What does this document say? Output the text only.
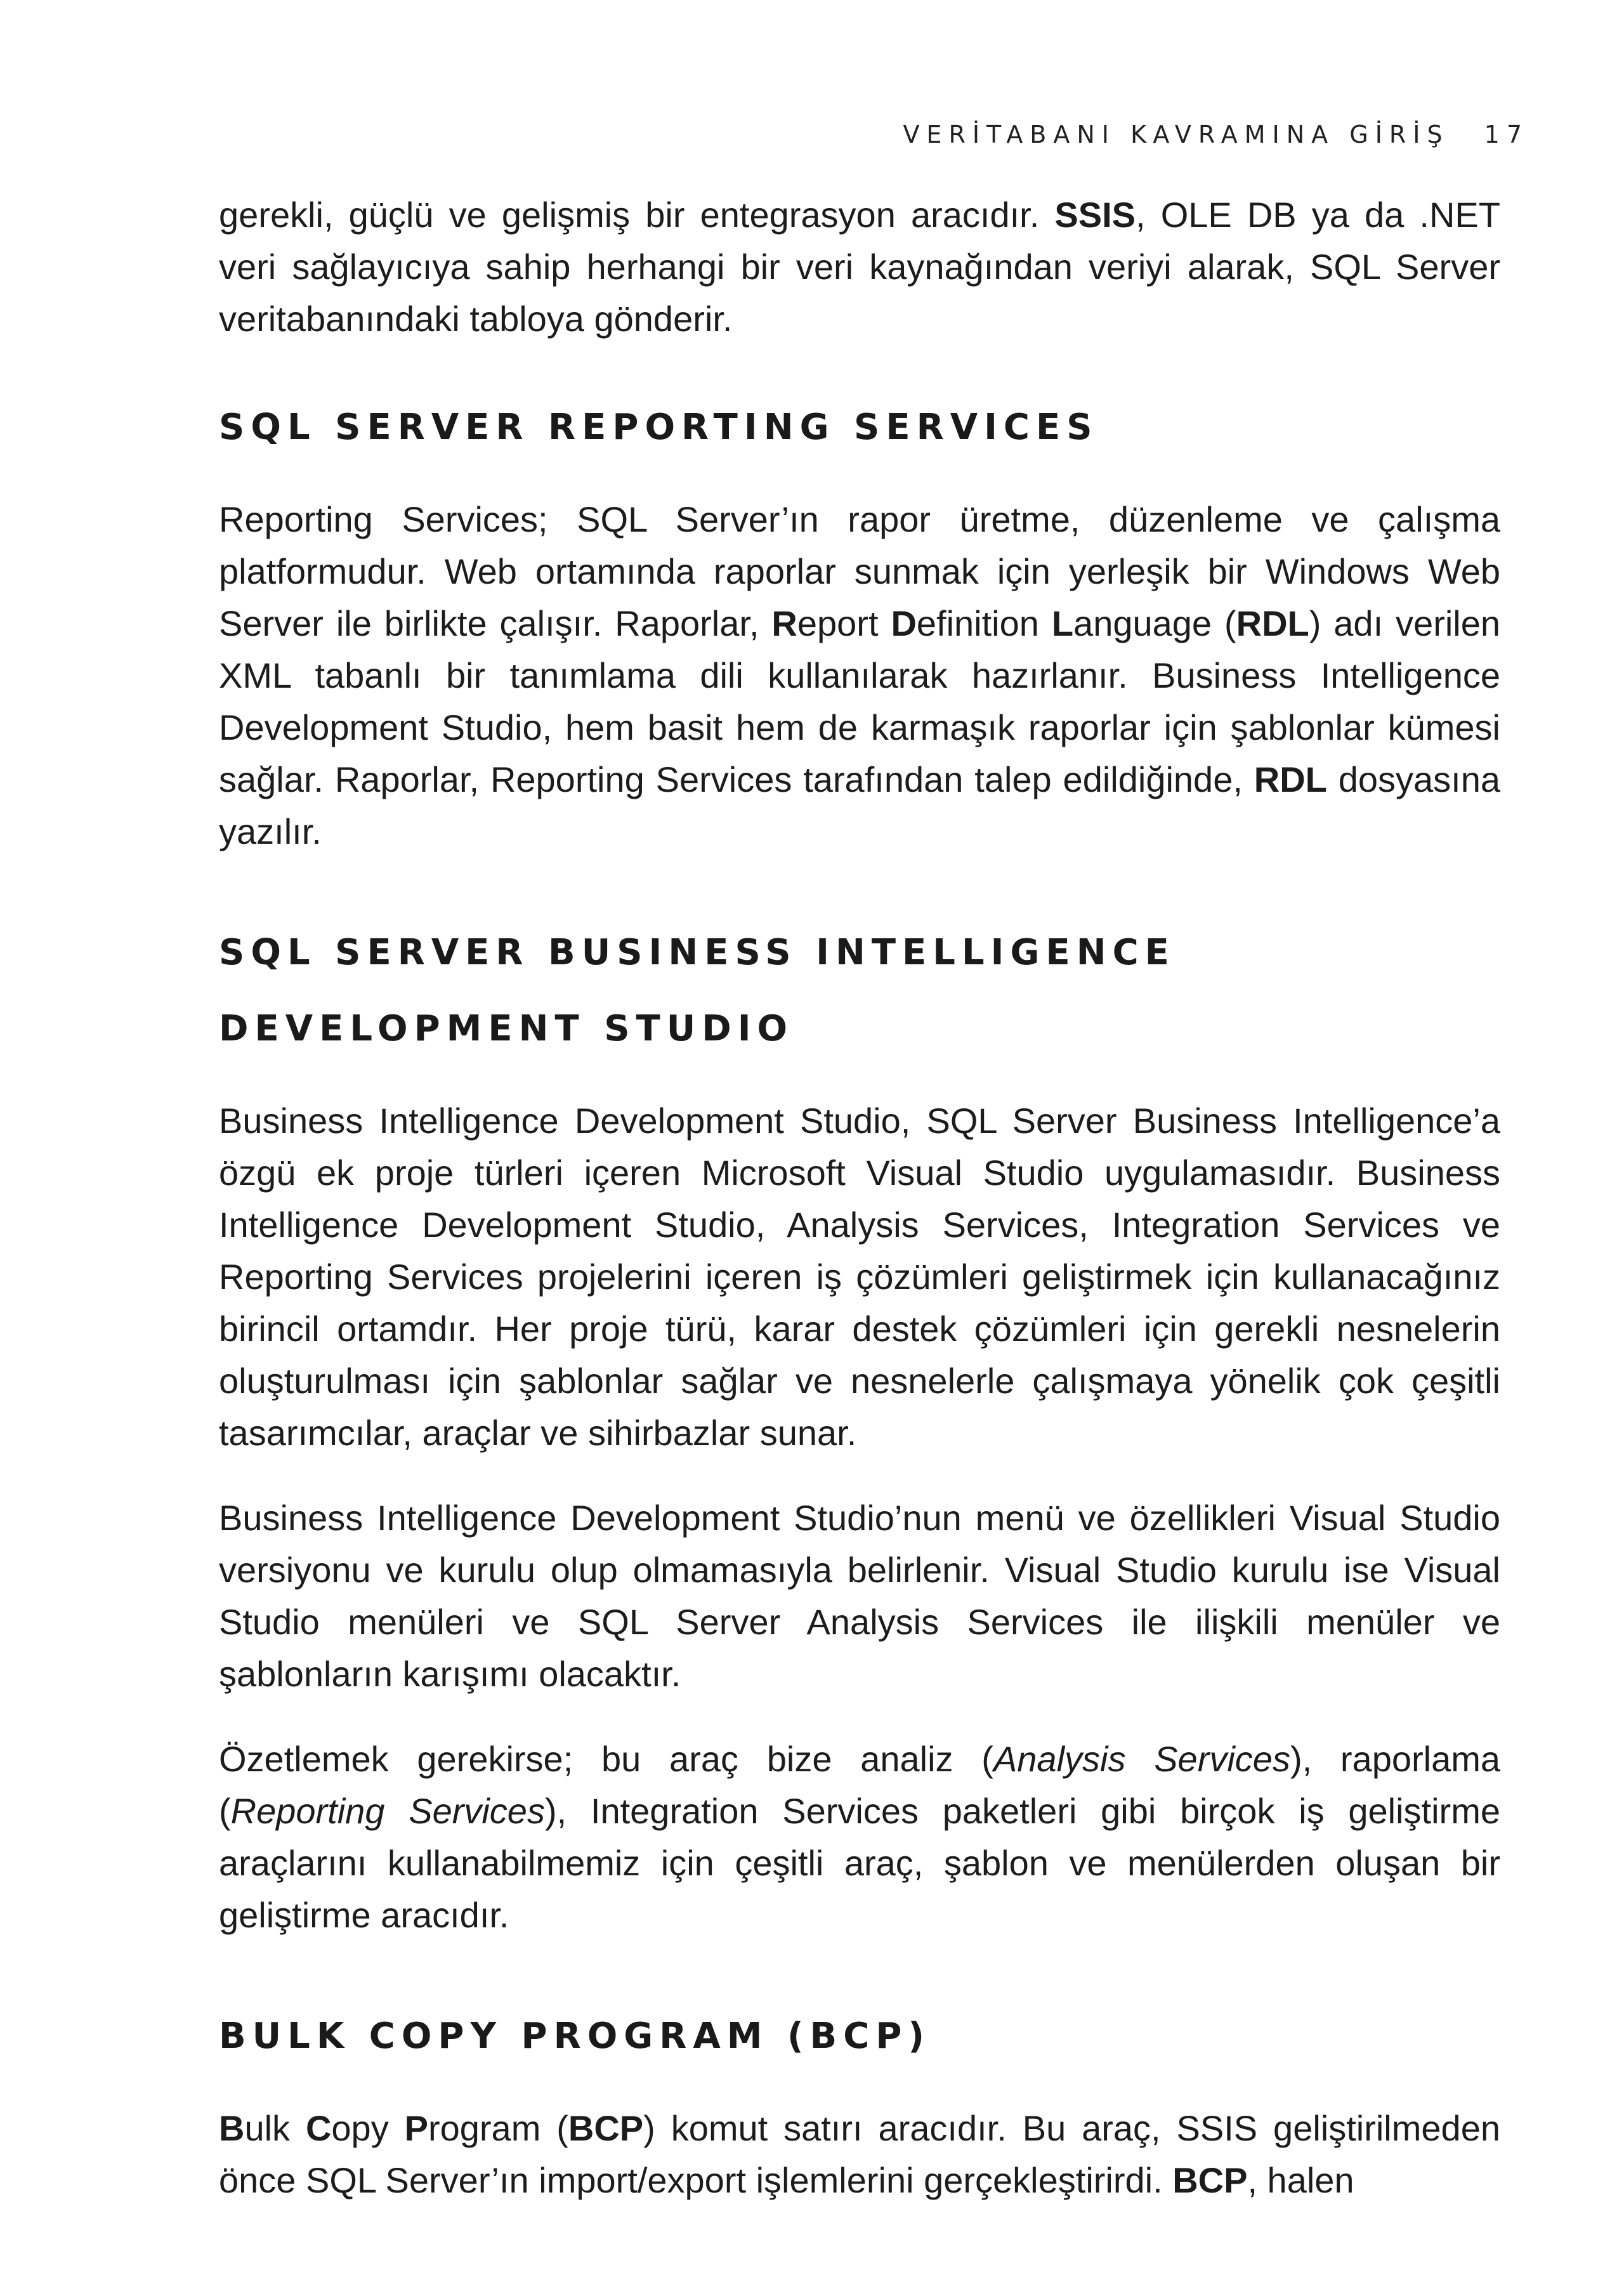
VERİTABANI KAVRAMINA GİRİŞ 17

gerekli, güçlü ve gelişmiş bir entegrasyon aracıdır. SSIS, OLE DB ya da .NET veri sağlayıcıya sahip herhangi bir veri kaynağından veriyi alarak, SQL Server veritabanındaki tabloya gönderir.

SQL SERVER REPORTING SERVICES

Reporting Services; SQL Server’ın rapor üretme, düzenleme ve çalışma platformudur. Web ortamında raporlar sunmak için yerleşik bir Windows Web Server ile birlikte çalışır. Raporlar, Report Definition Language (RDL) adı verilen XML tabanlı bir tanımlama dili kullanılarak hazırlanır. Business Intelligence Development Studio, hem basit hem de karmaşık raporlar için şablonlar kümesi sağlar. Raporlar, Reporting Services tarafından talep edildiğinde, RDL dosyasına yazılır.

SQL SERVER BUSINESS INTELLIGENCE DEVELOPMENT STUDIO

Business Intelligence Development Studio, SQL Server Business Intelligence’a özgü ek proje türleri içeren Microsoft Visual Studio uygulamasıdır. Business Intelligence Development Studio, Analysis Services, Integration Services ve Reporting Services projelerini içeren iş çözümleri geliştirmek için kullanacağınız birincil ortamdır. Her proje türü, karar destek çözümleri için gerekli nesnelerin oluşturulması için şablonlar sağlar ve nesnelerle çalışmaya yönelik çok çeşitli tasarımcılar, araçlar ve sihirbazlar sunar.

Business Intelligence Development Studio’nun menü ve özellikleri Visual Studio versiyonu ve kurulu olup olmamasıyla belirlenir. Visual Studio kurulu ise Visual Studio menüleri ve SQL Server Analysis Services ile ilişkili menüler ve şablonların karışımı olacaktır.

Özetlemek gerekirse; bu araç bize analiz (Analysis Services), raporlama (Reporting Services), Integration Services paketleri gibi birçok iş geliştirme araçlarını kullanabilmemiz için çeşitli araç, şablon ve menülerden oluşan bir geliştirme aracıdır.

BULK COPY PROGRAM (BCP)

Bulk Copy Program (BCP) komut satırı aracıdır. Bu araç, SSIS geliştirilmeden önce SQL Server’ın import/export işlemlerini gerçekleştirirdi. BCP, halen
